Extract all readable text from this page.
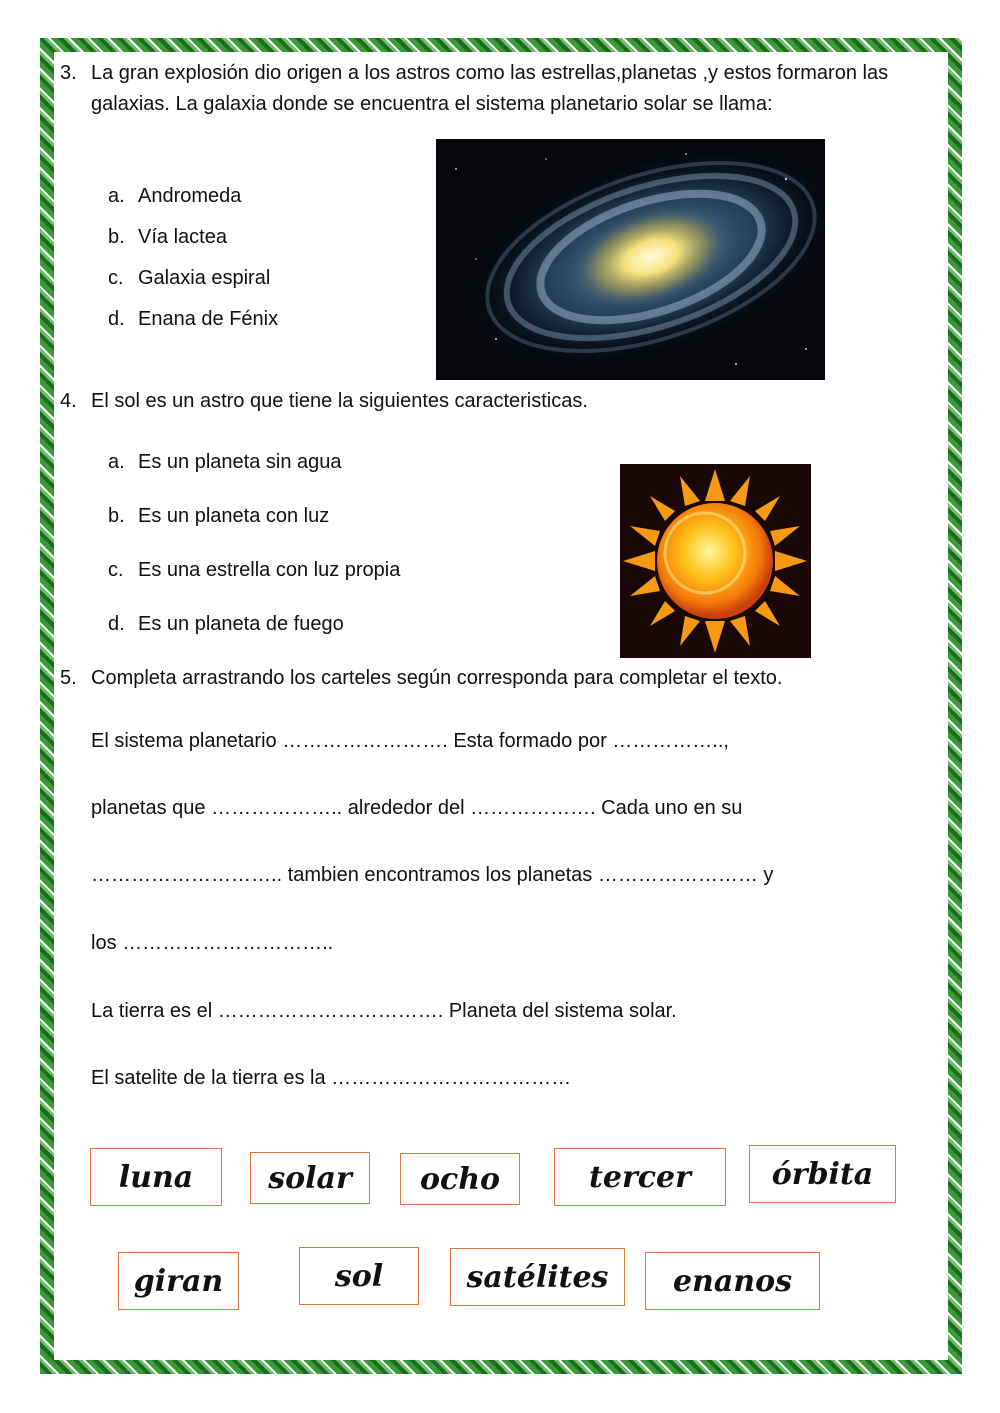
3. La gran explosión dio origen a los astros como las estrellas,planetas ,y estos formaron las galaxias. La galaxia donde se encuentra el sistema planetario solar se llama:
a. Andromeda
b. Vía lactea
c. Galaxia espiral
d. Enana de Fénix
4. El sol es un astro que tiene la siguientes caracteristicas.
a. Es un planeta sin agua
b. Es un planeta con luz
c. Es una estrella con luz propia
d. Es un planeta de fuego
5. Completa arrastrando los carteles según corresponda para completar el texto.
El sistema planetario ……………………. Esta formado por ……………..,
planetas que ……………….. alrededor del ………………. Cada uno en su
……………………….. tambien encontramos los planetas …………………… y
los …………………………..
La tierra es el ……………………………. Planeta del sistema solar.
El satelite de la tierra es la ………………………………
luna	solar	ocho	tercer	órbita
giran	sol	satélites	enanos
